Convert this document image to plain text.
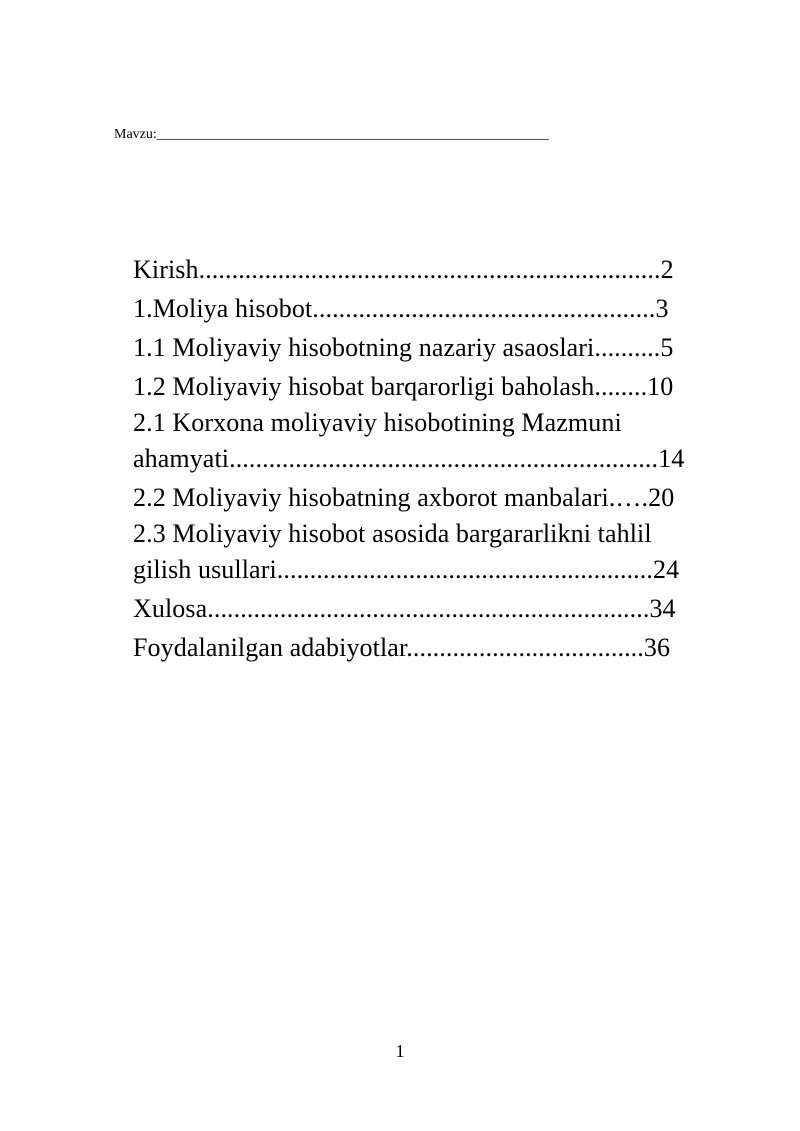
Mavzu:________________________________________________________
Kirish......................................................................2
1.Moliya hisobot....................................................3
1.1 Moliyaviy hisobotning nazariy asaoslari..........5
1.2 Moliyaviy hisobat barqarorligi baholash........10
2.1 Korxona moliyaviy hisobotining Mazmuni
ahamyati.................................................................14
2.2 Moliyaviy hisobatning axborot manbalari.….20
2.3 Moliyaviy hisobot asosida bargararlikni tahlil
gilish usullari.........................................................24
Xulosa...................................................................34
Foydalanilgan adabiyotlar....................................36
1
